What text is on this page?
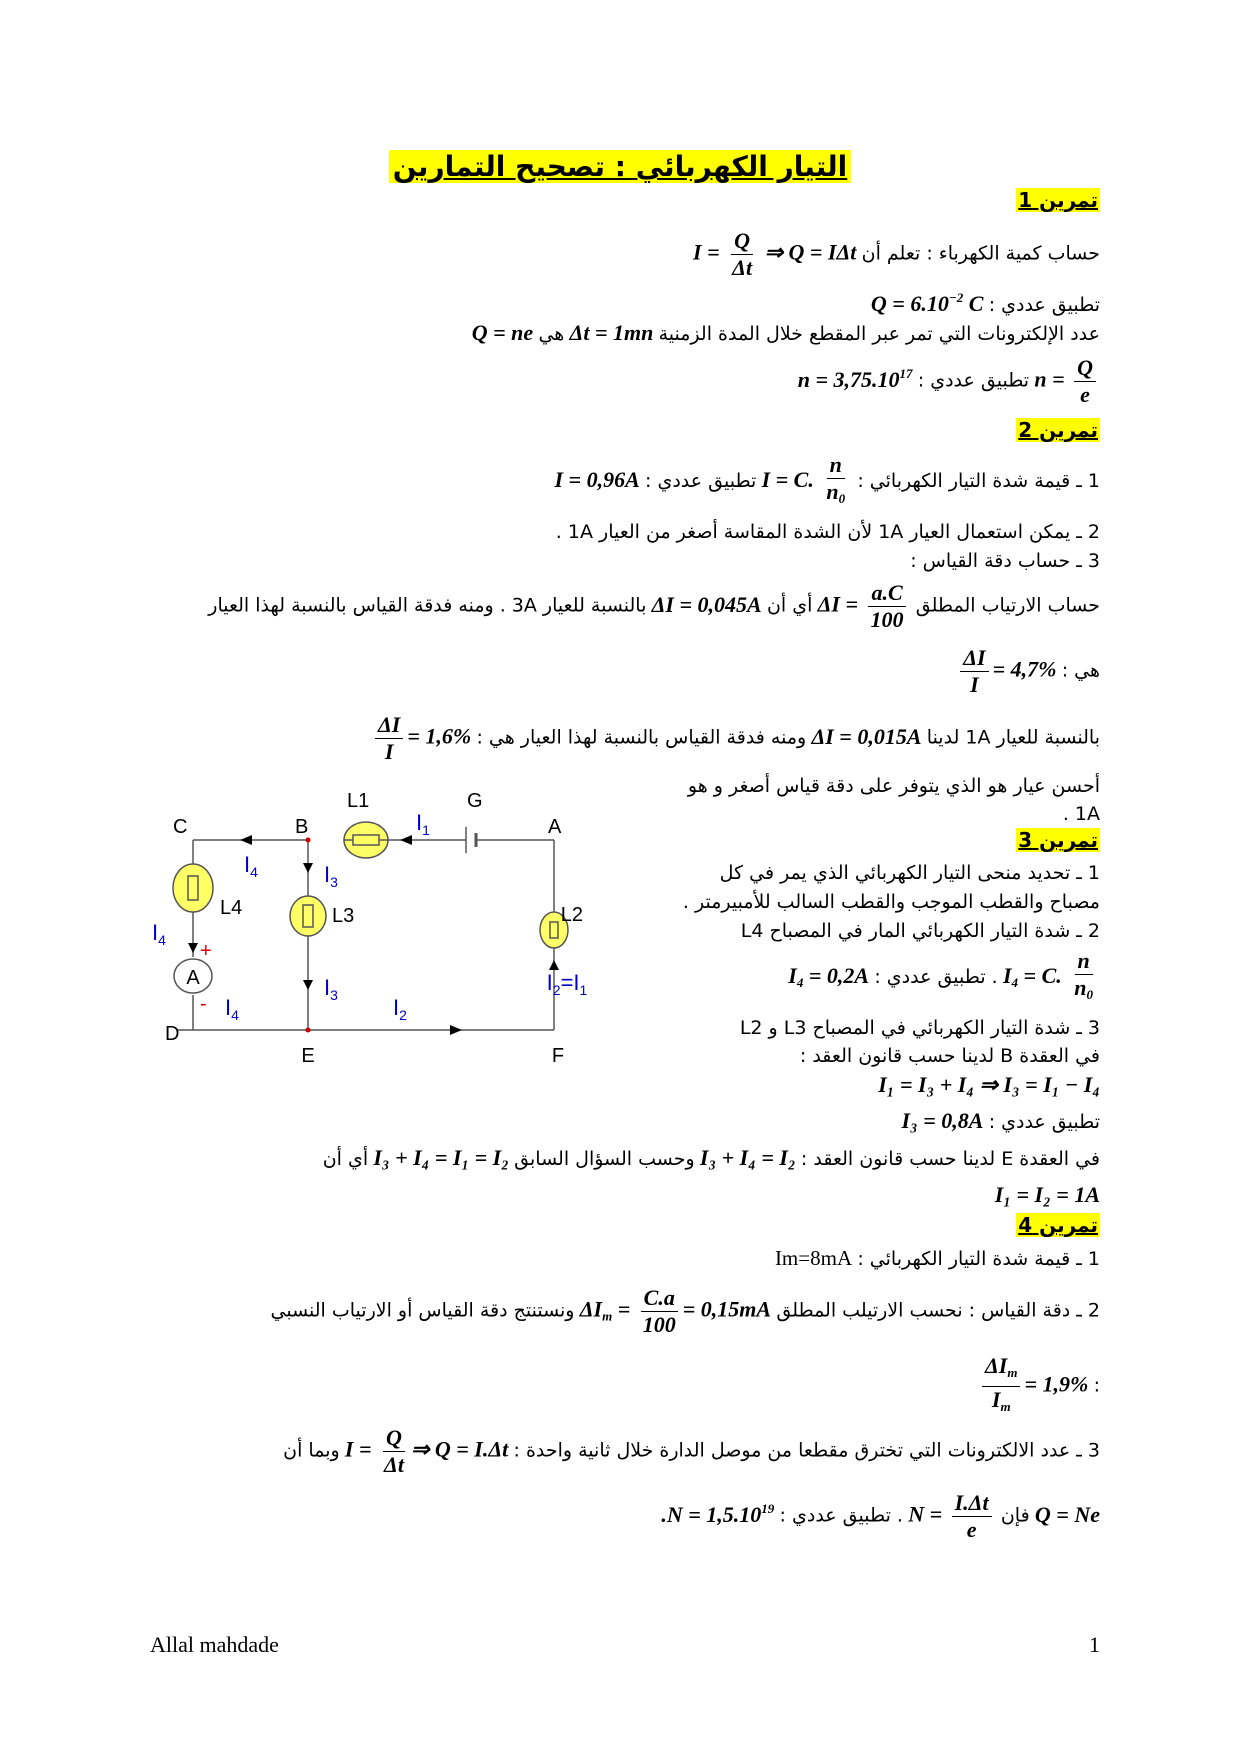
التيار الكهربائي : تصحيح التمارين
تمرين 1
$I = \frac{Q}{\Delta t}$ ⇒ Q = IΔt حساب كمية الكهرباء : تعلم أن
$Q = 6.10^{-2}$ C تطبيق عددي :
Q = ne هي Δt = 1mn عدد الإلكترونات التي تمر عبر المقطع خلال المدة الزمنية
$n = 3,75.10^{17}$ تطبيق عددي : $n = \frac{Q}{e}$
تمرين 2
I = 0,96A تطبيق عددي : I = C. $\frac{n}{n_0} 1$ ـ قيمة شدة التيار الكهربائي :
2 ـ يمكن استعمال العيار 1A لأن الشدة المقاسة أصغر من العيار 1A .
3 ـ حساب دقة القياس :
بالنسبة للعيار 3A . ومنه فدقة القياس بالنسبة لهذا العيار ΔI = 0,045A أي أن $\Delta I = \frac{a.C}{100}$ حساب الارتياب المطلق
$\frac{\Delta I}{I} = 4,7\%$ هي :
$\frac{\Delta I}{I} = 1,6\%$ ومنه فدقة القياس بالنسبة لهذا العيار هي : ΔI = 0,015A بالنسبة للعيار 1A لدينا
أحسن عيار هو الذي يتوفر على دقة قياس أصغر و هو
1A .
تمرين 3
1 ـ تحديد منحى التيار الكهربائي الذي يمر في كل
مصباح والقطب الموجب والقطب السالب للأمبيرمتر .
2 ـ شدة التيار الكهربائي المار في المصباح L4
$I_4 = 0,2A$ . تطبيق عددي : $I_4 = C$. $\frac{n}{n_0}$
3 ـ شدة التيار الكهربائي في المصباح L3 و L2
في العقدة B لدينا حسب قانون العقد :
I₁ = I₃ + I₄ ⇒ I₃ = I₁ − I₄
I₃ = 0,8A تطبيق عددي :
أي أن I₃ + I₄ = I₁ = I₂ وحسب السؤال السابق I₃ + I₄ = I₂ في العقدة E لدينا حسب قانون العقد :
I₁ = I₂ = 1A
A
+
-
C	B	A
L1	G
L4	L3	L2
D
E	F
$I_1$
$I_4$	$I_3$
$I_4$
$I_3$
$I_4$	$I_2$
$I_2=I_1$
تمرين 4
Im=8mA 1 ـ قيمة شدة التيار الكهربائي :
ونستنتج دقة القياس أو الارتياب النسبي $\Delta I_m = \frac{C.a}{100} = 0,15mA$ 2 ـ دقة القياس : نحسب الارتيلب المطلق
$\frac{\Delta I_m}{I_m} = 1,9\%$ :
وبما أن $I = \frac{Q}{\Delta t}$ ⇒ Q = I.Δt 3 ـ عدد الالكترونات التي تخترق مقطعا من موصل الدارة خلال ثانية واحدة :
$.N = 1,5.10^{19}$ . تطبيق عددي : $N = \frac{I.\Delta t}{e}$ فإن Q = Ne
Allal mahdade	1
